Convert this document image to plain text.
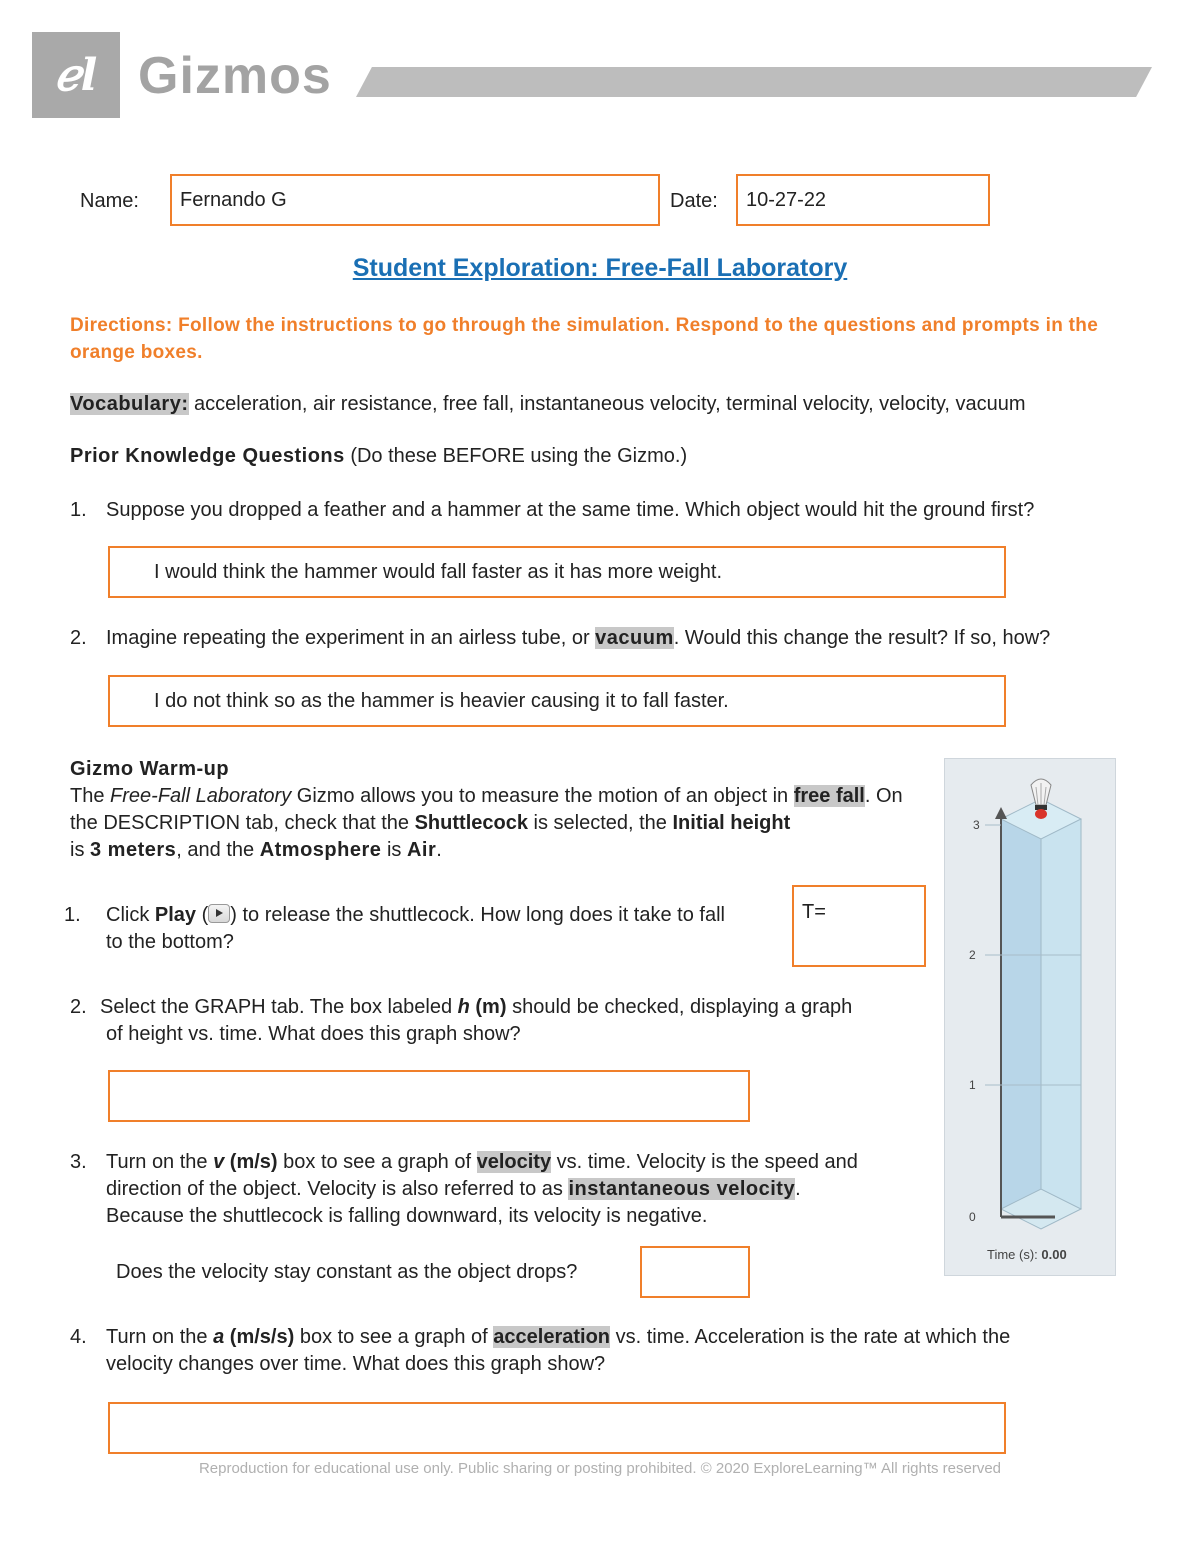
ℯl Gizmos
Name:	Fernando G	Date:	10-27-22
Student Exploration: Free-Fall Laboratory
Directions: Follow the instructions to go through the simulation. Respond to the questions and prompts in the orange boxes.
Vocabulary: acceleration, air resistance, free fall, instantaneous velocity, terminal velocity, velocity, vacuum
Prior Knowledge Questions (Do these BEFORE using the Gizmo.)
1. Suppose you dropped a feather and a hammer at the same time. Which object would hit the ground first?
I would think the hammer would fall faster as it has more weight.
2. Imagine repeating the experiment in an airless tube, or vacuum. Would this change the result? If so, how?
I do not think so as the hammer is heavier causing it to fall faster.
Gizmo Warm-up
The Free-Fall Laboratory Gizmo allows you to measure the motion of an object in free fall. On the DESCRIPTION tab, check that the Shuttlecock is selected, the Initial height
is 3 meters, and the Atmosphere is Air.
1. Click Play ( ) to release the shuttlecock. How long does it take to fall
to the bottom?
T=
2. Select the GRAPH tab. The box labeled h (m) should be checked, displaying a graph
of height vs. time. What does this graph show?
3. Turn on the v (m/s) box to see a graph of velocity vs. time. Velocity is the speed and
direction of the object. Velocity is also referred to as instantaneous velocity.
Because the shuttlecock is falling downward, its velocity is negative.
Does the velocity stay constant as the object drops?
4. Turn on the a (m/s/s) box to see a graph of acceleration vs. time. Acceleration is the rate at which the
velocity changes over time. What does this graph show?
3
2
1
0
Time (s): 0.00
Reproduction for educational use only. Public sharing or posting prohibited. © 2020 ExploreLearning™ All rights reserved
